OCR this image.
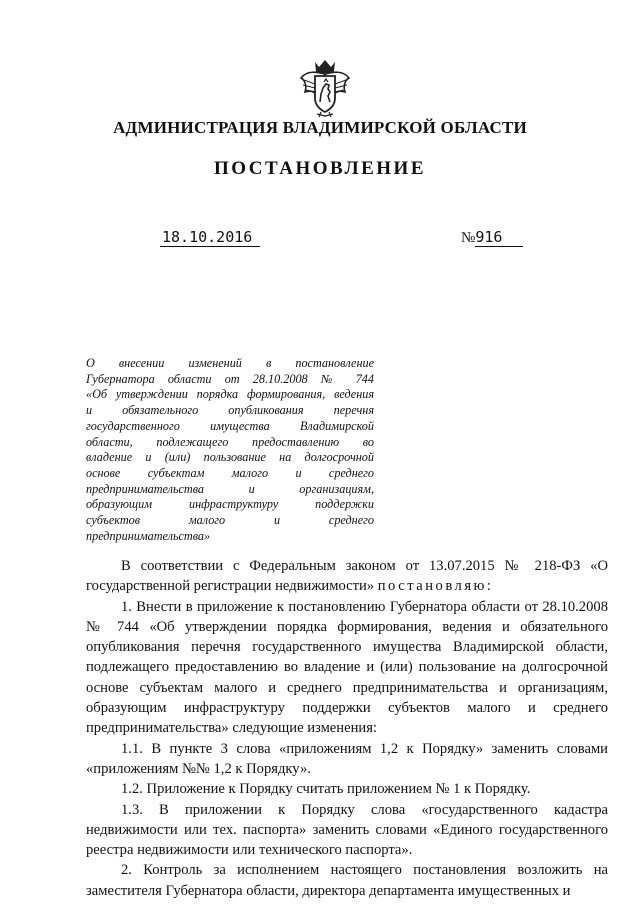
АДМИНИСТРАЦИЯ ВЛАДИМИРСКОЙ ОБЛАСТИ
ПОСТАНОВЛЕНИЕ
18.10.2016	№916
О внесении изменений в постановление
Губернатора области от 28.10.2008 № 744
«Об утверждении порядка формирования, ведения
и обязательного опубликования перечня
государственного имущества Владимирской
области, подлежащего предоставлению во
владение и (или) пользование на долгосрочной
основе субъектам малого и среднего
предпринимательства и организациям,
образующим инфраструктуру поддержки
субъектов малого и среднего
предпринимательства»

В соответствии с Федеральным законом от 13.07.2015 № 218-ФЗ «О государственной регистрации недвижимости» постановляю:

1. Внести в приложение к постановлению Губернатора области от 28.10.2008 № 744 «Об утверждении порядка формирования, ведения и обязательного опубликования перечня государственного имущества Владимирской области, подлежащего предоставлению во владение и (или) пользование на долгосрочной основе субъектам малого и среднего предпринимательства и организациям, образующим инфраструктуру поддержки субъектов малого и среднего предпринимательства» следующие изменения:

1.1. В пункте 3 слова «приложениям 1,2 к Порядку» заменить словами «приложениям №№ 1,2 к Порядку».

1.2. Приложение к Порядку считать приложением № 1 к Порядку.

1.3. В приложении к Порядку слова «государственного кадастра недвижимости или тех. паспорта» заменить словами «Единого государственного реестра недвижимости или технического паспорта».

2. Контроль за исполнением настоящего постановления возложить на заместителя Губернатора области, директора департамента имущественных и
